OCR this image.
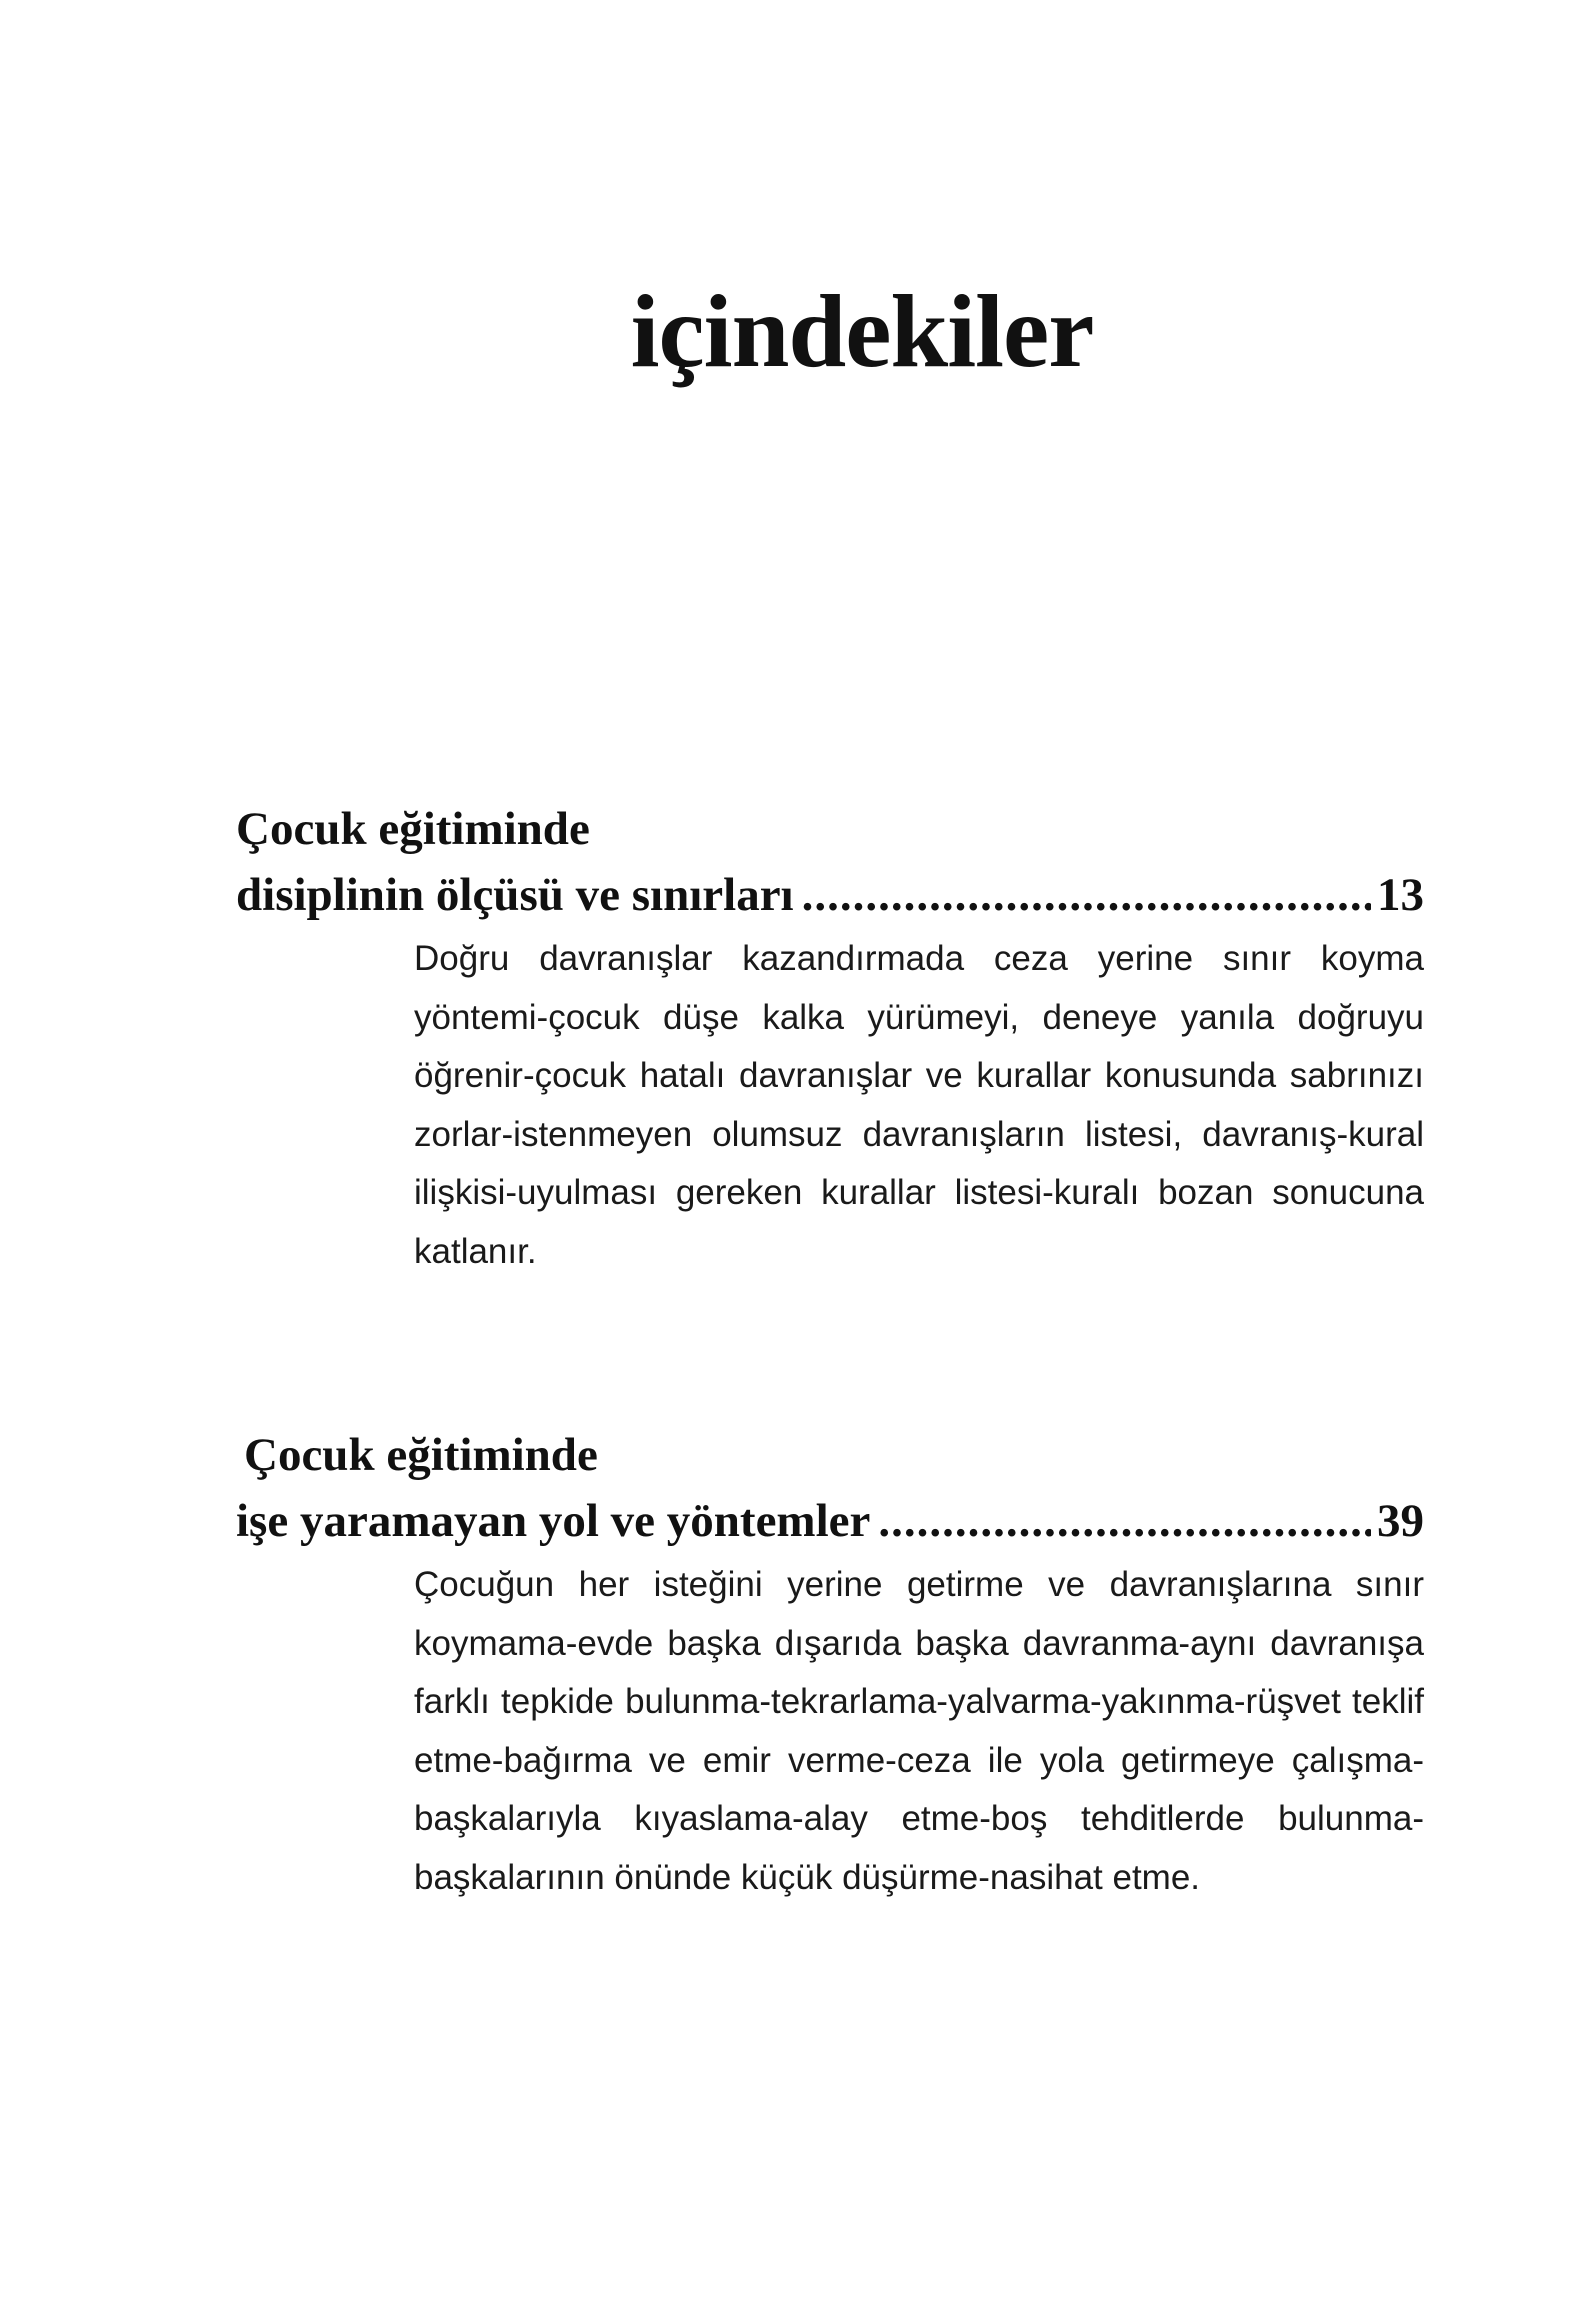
içindekiler
Çocuk eğitiminde
disiplinin ölçüsü ve sınırları .....	13

Doğru davranışlar kazandırmada ceza yerine sınır koyma yöntemi-çocuk düşe kalka yürümeyi, deneye yanıla doğruyu öğrenir-çocuk hatalı davranışlar ve kurallar konusunda sabrınızı zorlar-istenmeyen olumsuz davranışların listesi, davranış-kural ilişkisi-uyulması gereken kurallar listesi-kuralı bozan sonucuna katlanır.

Çocuk eğitiminde
işe yaramayan yol ve yöntemler .....	39

Çocuğun her isteğini yerine getirme ve davranışlarına sınır koymama-evde başka dışarıda başka davranma-aynı davranışa farklı tepkide bulunma-tekrarlama-yalvarma-yakınma-rüşvet teklif etme-bağırma ve emir verme-ceza ile yola getirmeye çalışma-başkalarıyla kıyaslama-alay etme-boş tehditlerde bulunma-başkalarının önünde küçük düşürme-nasihat etme.
